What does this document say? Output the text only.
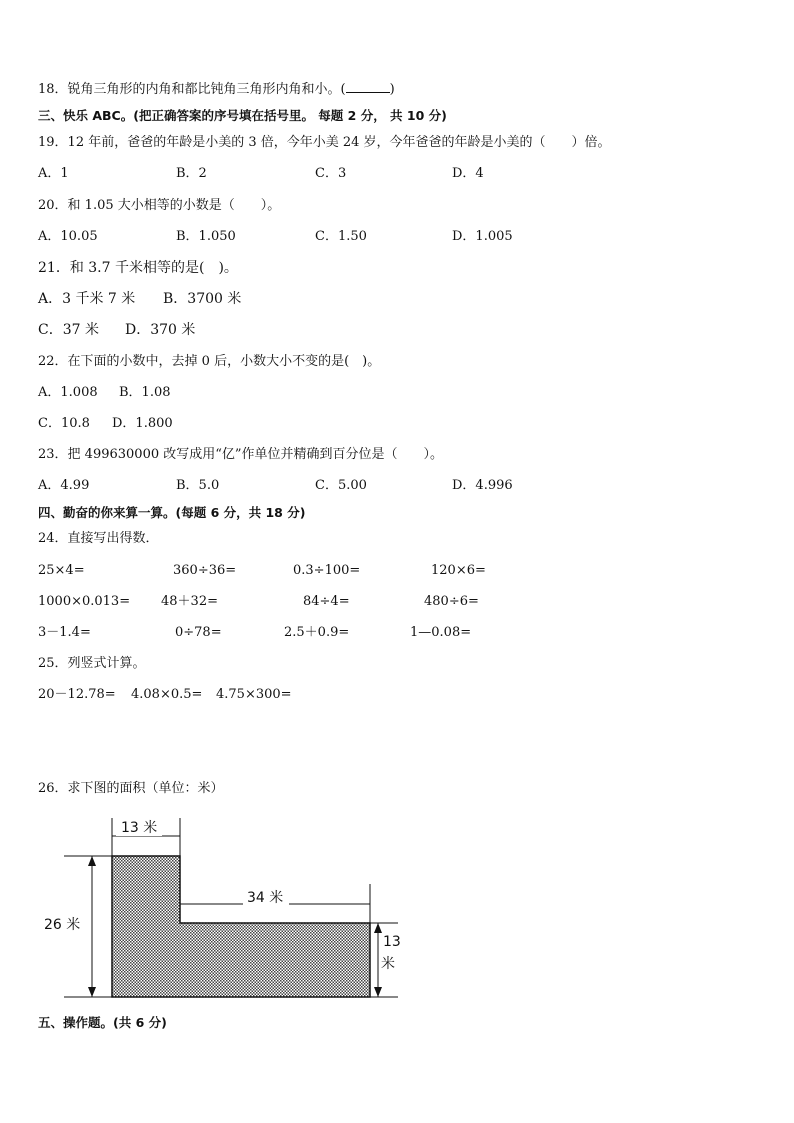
18．锐角三角形的内角和都比钝角三角形内角和小。(	)
三、快乐 ABC。(把正确答案的序号填在括号里。 每题 2 分， 共 10 分)
19．12 年前，爸爸的年龄是小美的 3 倍，今年小美 24 岁，今年爸爸的年龄是小美的（　　）倍。
A．1	B．2	C．3	D．4
20．和 1.05 大小相等的小数是（　　）。
A．10.05	B．1.050	C．1.50	D．1.005
21．和 3.7 千米相等的是(　)。
A．3 千米 7 米 B．3700 米
C．37 米 D．370 米
22．在下面的小数中，去掉 0 后，小数大小不变的是(　)。
A．1.008 B．1.08
C．10.8 D．1.800
23．把 499630000 改写成用“亿”作单位并精确到百分位是（　　）。
A．4.99	B．5.0	C．5.00	D．4.996
四、勤奋的你来算一算。(每题 6 分，共 18 分)
24．直接写出得数．
25×4=	360÷36=	0.3÷100=	120×6=
1000×0.013= 48＋32=	84÷4=	480÷6=
3－1.4=	0÷78=	2.5＋0.9=	1—0.08=
25．列竖式计算。
20－12.78= 4.08×0.5= 4.75×300=
26．求下图的面积（单位：米）
13 米
34 米
26 米
13
米
五、操作题。(共 6 分)
